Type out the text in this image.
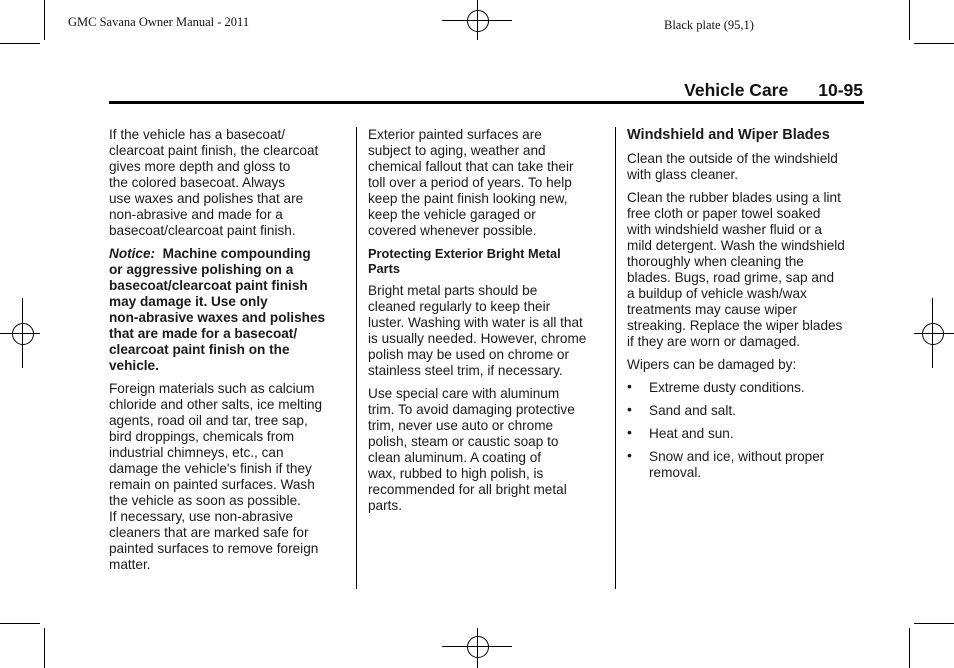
GMC Savana Owner Manual - 2011	Black plate (95,1)
Vehicle Care 10-95

If the vehicle has a basecoat/
clearcoat paint finish, the clearcoat
gives more depth and gloss to
the colored basecoat. Always
use waxes and polishes that are
non-abrasive and made for a
basecoat/clearcoat paint finish.

Notice: Machine compounding
or aggressive polishing on a
basecoat/clearcoat paint finish
may damage it. Use only
non-abrasive waxes and polishes
that are made for a basecoat/
clearcoat paint finish on the
vehicle.

Foreign materials such as calcium
chloride and other salts, ice melting
agents, road oil and tar, tree sap,
bird droppings, chemicals from
industrial chimneys, etc., can
damage the vehicle's finish if they
remain on painted surfaces. Wash
the vehicle as soon as possible.
If necessary, use non-abrasive
cleaners that are marked safe for
painted surfaces to remove foreign
matter.

Exterior painted surfaces are
subject to aging, weather and
chemical fallout that can take their
toll over a period of years. To help
keep the paint finish looking new,
keep the vehicle garaged or
covered whenever possible.

Protecting Exterior Bright Metal
Parts

Bright metal parts should be
cleaned regularly to keep their
luster. Washing with water is all that
is usually needed. However, chrome
polish may be used on chrome or
stainless steel trim, if necessary.

Use special care with aluminum
trim. To avoid damaging protective
trim, never use auto or chrome
polish, steam or caustic soap to
clean aluminum. A coating of
wax, rubbed to high polish, is
recommended for all bright metal
parts.

Windshield and Wiper Blades

Clean the outside of the windshield
with glass cleaner.

Clean the rubber blades using a lint
free cloth or paper towel soaked
with windshield washer fluid or a
mild detergent. Wash the windshield
thoroughly when cleaning the
blades. Bugs, road grime, sap and
a buildup of vehicle wash/wax
treatments may cause wiper
streaking. Replace the wiper blades
if they are worn or damaged.

Wipers can be damaged by:

• Extreme dusty conditions.
• Sand and salt.
• Heat and sun.
• Snow and ice, without proper
removal.
